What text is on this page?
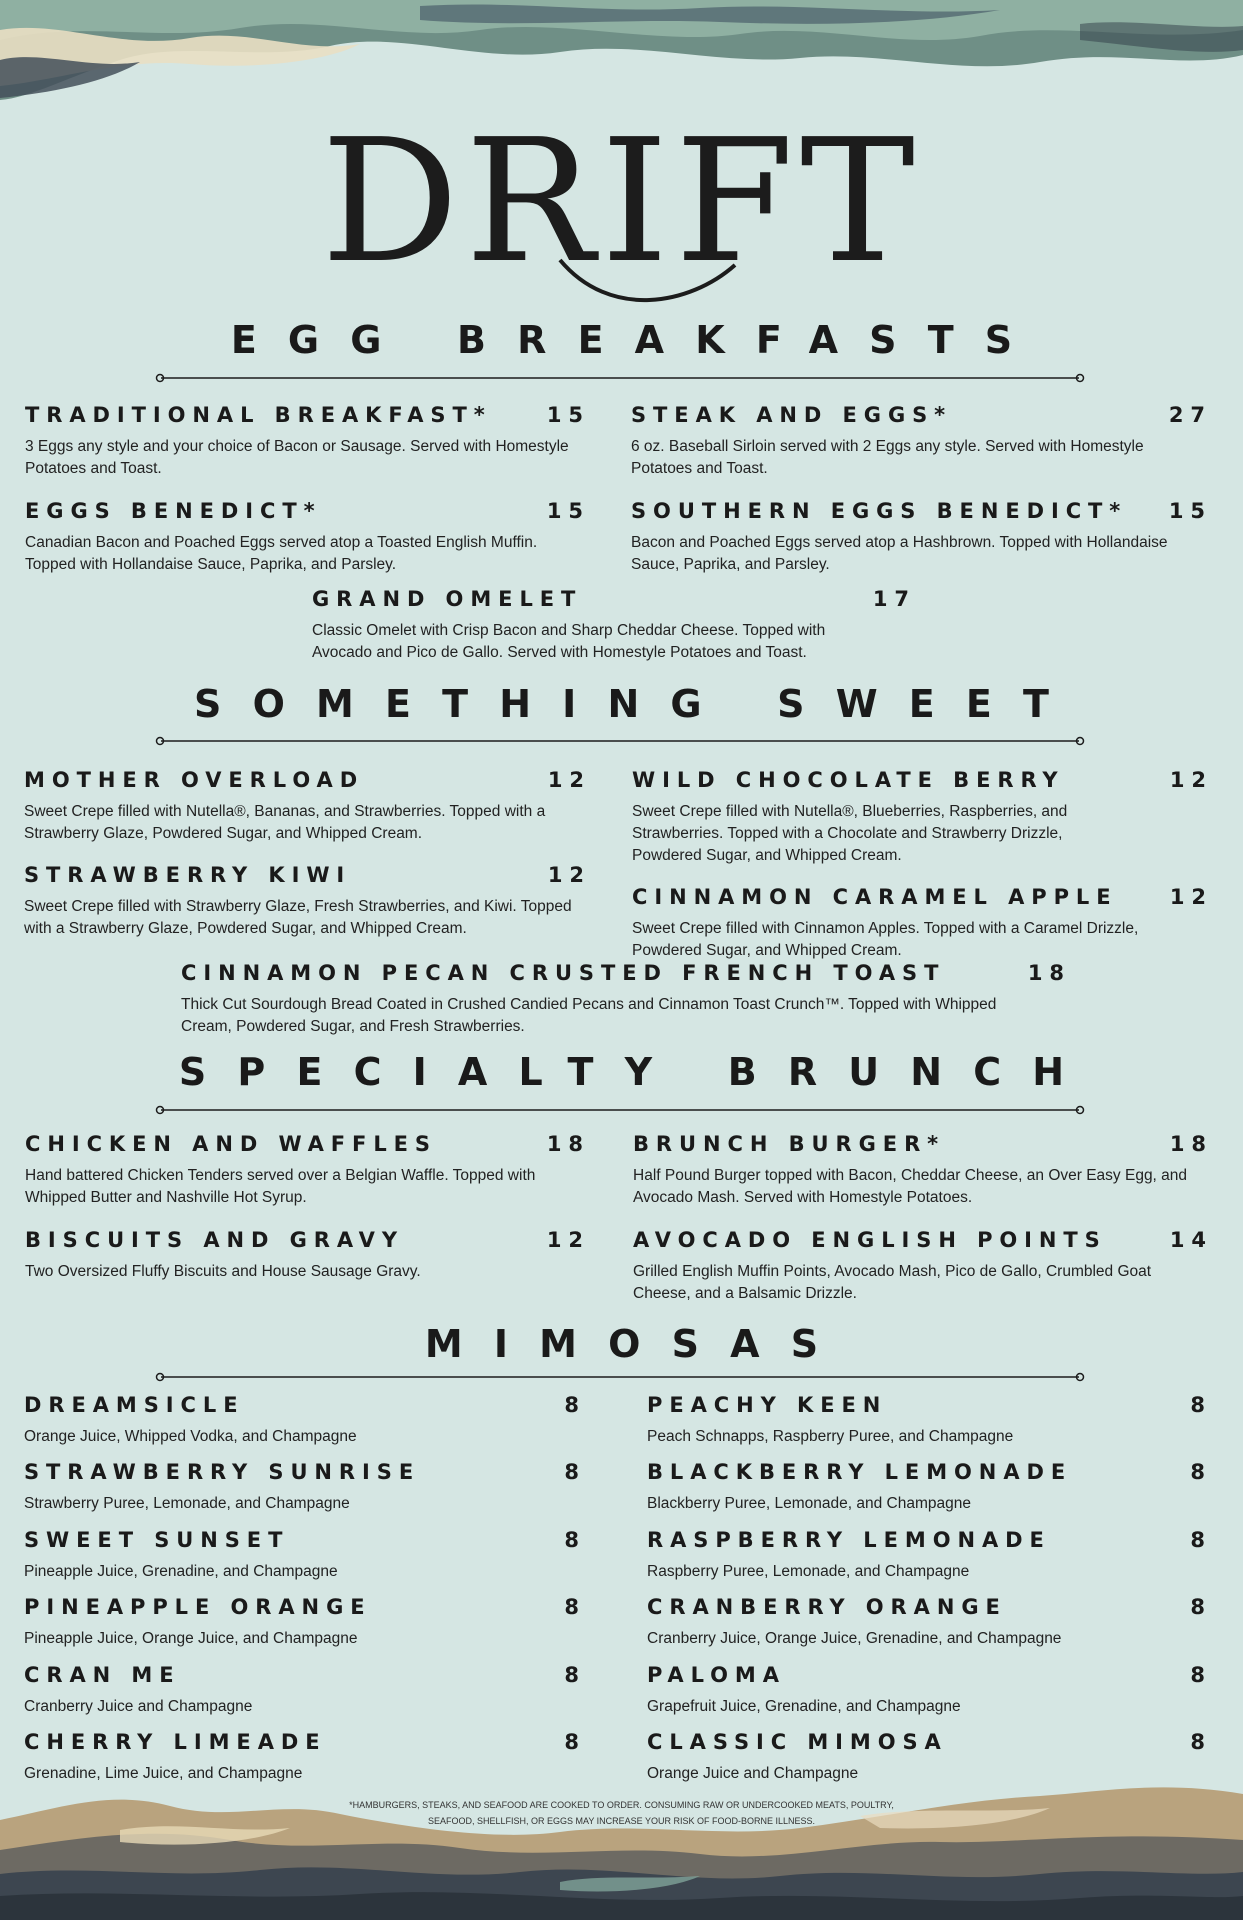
DRIFT
EGG BREAKFASTS
TRADITIONAL BREAKFAST*	15
3 Eggs any style and your choice of Bacon or Sausage. Served with Homestyle Potatoes and Toast.
STEAK AND EGGS*	27
6 oz. Baseball Sirloin served with 2 Eggs any style. Served with Homestyle Potatoes and Toast.
EGGS BENEDICT*	15
Canadian Bacon and Poached Eggs served atop a Toasted English Muffin. Topped with Hollandaise Sauce, Paprika, and Parsley.
SOUTHERN EGGS BENEDICT* 15
Bacon and Poached Eggs served atop a Hashbrown. Topped with Hollandaise Sauce, Paprika, and Parsley.
GRAND OMELET	17
Classic Omelet with Crisp Bacon and Sharp Cheddar Cheese. Topped with Avocado and Pico de Gallo. Served with Homestyle Potatoes and Toast.
SOMETHING SWEET
MOTHER OVERLOAD	12
Sweet Crepe filled with Nutella®, Bananas, and Strawberries. Topped with a Strawberry Glaze, Powdered Sugar, and Whipped Cream.
WILD CHOCOLATE BERRY	12
Sweet Crepe filled with Nutella®, Blueberries, Raspberries, and Strawberries. Topped with a Chocolate and Strawberry Drizzle, Powdered Sugar, and Whipped Cream.
STRAWBERRY KIWI	12
Sweet Crepe filled with Strawberry Glaze, Fresh Strawberries, and Kiwi. Topped with a Strawberry Glaze, Powdered Sugar, and Whipped Cream.
CINNAMON CARAMEL APPLE 12
Sweet Crepe filled with Cinnamon Apples. Topped with a Caramel Drizzle, Powdered Sugar, and Whipped Cream.
CINNAMON PECAN CRUSTED FRENCH TOAST	18
Thick Cut Sourdough Bread Coated in Crushed Candied Pecans and Cinnamon Toast Crunch™. Topped with Whipped Cream, Powdered Sugar, and Fresh Strawberries.
SPECIALTY BRUNCH
CHICKEN AND WAFFLES	18
Hand battered Chicken Tenders served over a Belgian Waffle. Topped with Whipped Butter and Nashville Hot Syrup.
BRUNCH BURGER*	18
Half Pound Burger topped with Bacon, Cheddar Cheese, an Over Easy Egg, and Avocado Mash. Served with Homestyle Potatoes.
BISCUITS AND GRAVY	12
Two Oversized Fluffy Biscuits and House Sausage Gravy.
AVOCADO ENGLISH POINTS	14
Grilled English Muffin Points, Avocado Mash, Pico de Gallo, Crumbled Goat Cheese, and a Balsamic Drizzle.
MIMOSAS
DREAMSICLE	8
Orange Juice, Whipped Vodka, and Champagne
PEACHY KEEN	8
Peach Schnapps, Raspberry Puree, and Champagne
STRAWBERRY SUNRISE	8
Strawberry Puree, Lemonade, and Champagne
BLACKBERRY LEMONADE	8
Blackberry Puree, Lemonade, and Champagne
SWEET SUNSET	8
Pineapple Juice, Grenadine, and Champagne
RASPBERRY LEMONADE	8
Raspberry Puree, Lemonade, and Champagne
PINEAPPLE ORANGE	8
Pineapple Juice, Orange Juice, and Champagne
CRANBERRY ORANGE	8
Cranberry Juice, Orange Juice, Grenadine, and Champagne
CRAN ME	8
Cranberry Juice and Champagne
PALOMA	8
Grapefruit Juice, Grenadine, and Champagne
CHERRY LIMEADE	8
Grenadine, Lime Juice, and Champagne
CLASSIC MIMOSA	8
Orange Juice and Champagne
*HAMBURGERS, STEAKS, AND SEAFOOD ARE COOKED TO ORDER. CONSUMING RAW OR UNDERCOOKED MEATS, POULTRY,
SEAFOOD, SHELLFISH, OR EGGS MAY INCREASE YOUR RISK OF FOOD-BORNE ILLNESS.
